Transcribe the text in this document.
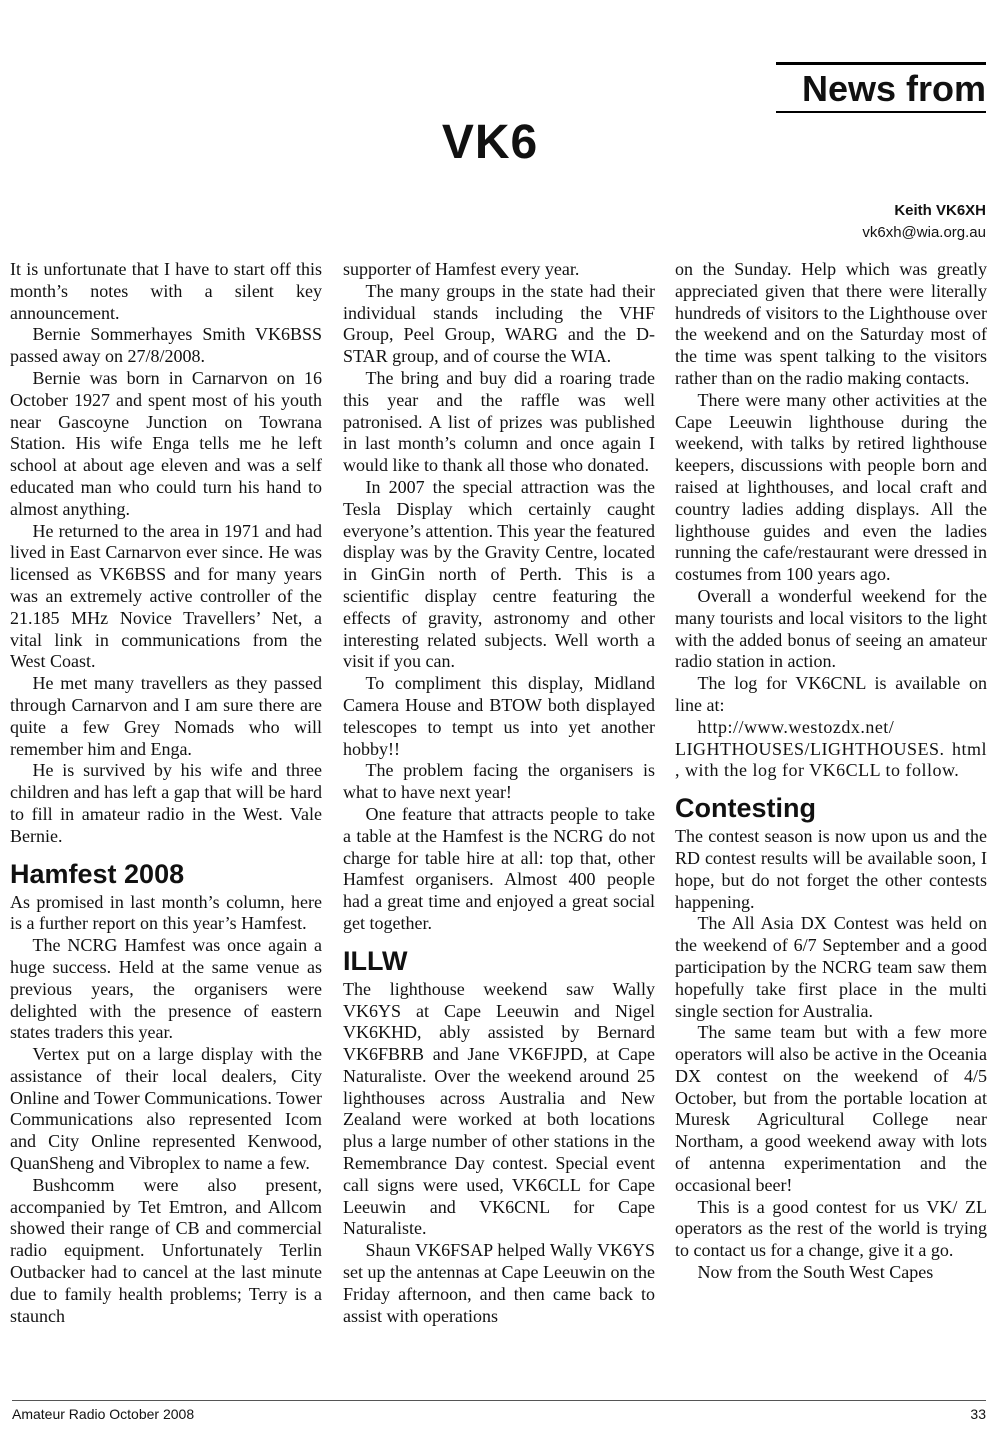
News from
VK6
Keith VK6XH
vk6xh@wia.org.au

It is unfortunate that I have to start off this month’s notes with a silent key announcement.

Bernie Sommerhayes Smith VK6BSS passed away on 27/8/2008.

Bernie was born in Carnarvon on 16 October 1927 and spent most of his youth near Gascoyne Junction on Towrana Station. His wife Enga tells me he left school at about age eleven and was a self educated man who could turn his hand to almost anything.

He returned to the area in 1971 and had lived in East Carnarvon ever since. He was licensed as VK6BSS and for many years was an extremely active controller of the 21.185 MHz Novice Travellers’ Net, a vital link in communications from the West Coast.

He met many travellers as they passed through Carnarvon and I am sure there are quite a few Grey Nomads who will remember him and Enga.

He is survived by his wife and three children and has left a gap that will be hard to fill in amateur radio in the West. Vale Bernie.

Hamfest 2008

As promised in last month’s column, here is a further report on this year’s Hamfest.

The NCRG Hamfest was once again a huge success. Held at the same venue as previous years, the organisers were delighted with the presence of eastern states traders this year.

Vertex put on a large display with the assistance of their local dealers, City Online and Tower Communications. Tower Communications also represented Icom and City Online represented Kenwood, QuanSheng and Vibroplex to name a few.

Bushcomm were also present, accompanied by Tet Emtron, and Allcom showed their range of CB and commercial radio equipment. Unfortunately Terlin Outbacker had to cancel at the last minute due to family health problems; Terry is a staunch

supporter of Hamfest every year.

The many groups in the state had their individual stands including the VHF Group, Peel Group, WARG and the D-STAR group, and of course the WIA.

The bring and buy did a roaring trade this year and the raffle was well patronised. A list of prizes was published in last month’s column and once again I would like to thank all those who donated.

In 2007 the special attraction was the Tesla Display which certainly caught everyone’s attention. This year the featured display was by the Gravity Centre, located in GinGin north of Perth. This is a scientific display centre featuring the effects of gravity, astronomy and other interesting related subjects. Well worth a visit if you can.

To compliment this display, Midland Camera House and BTOW both displayed telescopes to tempt us into yet another hobby!!

The problem facing the organisers is what to have next year!

One feature that attracts people to take a table at the Hamfest is the NCRG do not charge for table hire at all: top that, other Hamfest organisers. Almost 400 people had a great time and enjoyed a great social get together.

ILLW

The lighthouse weekend saw Wally VK6YS at Cape Leeuwin and Nigel VK6KHD, ably assisted by Bernard VK6FBRB and Jane VK6FJPD, at Cape Naturaliste. Over the weekend around 25 lighthouses across Australia and New Zealand were worked at both locations plus a large number of other stations in the Remembrance Day contest. Special event call signs were used, VK6CLL for Cape Leeuwin and VK6CNL for Cape Naturaliste.

Shaun VK6FSAP helped Wally VK6YS set up the antennas at Cape Leeuwin on the Friday afternoon, and then came back to assist with operations

on the Sunday. Help which was greatly appreciated given that there were literally hundreds of visitors to the Lighthouse over the weekend and on the Saturday most of the time was spent talking to the visitors rather than on the radio making contacts.

There were many other activities at the Cape Leeuwin lighthouse during the weekend, with talks by retired lighthouse keepers, discussions with people born and raised at lighthouses, and local craft and country ladies adding displays. All the lighthouse guides and even the ladies running the cafe/restaurant were dressed in costumes from 100 years ago.

Overall a wonderful weekend for the many tourists and local visitors to the light with the added bonus of seeing an amateur radio station in action.

The log for VK6CNL is available on line at:

http://www.westozdx.net/ LIGHTHOUSES/LIGHTHOUSES. html , with the log for VK6CLL to follow.

Contesting

The contest season is now upon us and the RD contest results will be available soon, I hope, but do not forget the other contests happening.

The All Asia DX Contest was held on the weekend of 6/7 September and a good participation by the NCRG team saw them hopefully take first place in the multi single section for Australia.

The same team but with a few more operators will also be active in the Oceania DX contest on the weekend of 4/5 October, but from the portable location at Muresk Agricultural College near Northam, a good weekend away with lots of antenna experimentation and the occasional beer!

This is a good contest for us VK/ ZL operators as the rest of the world is trying to contact us for a change, give it a go.

Now from the South West Capes

Amateur Radio October 2008	33
